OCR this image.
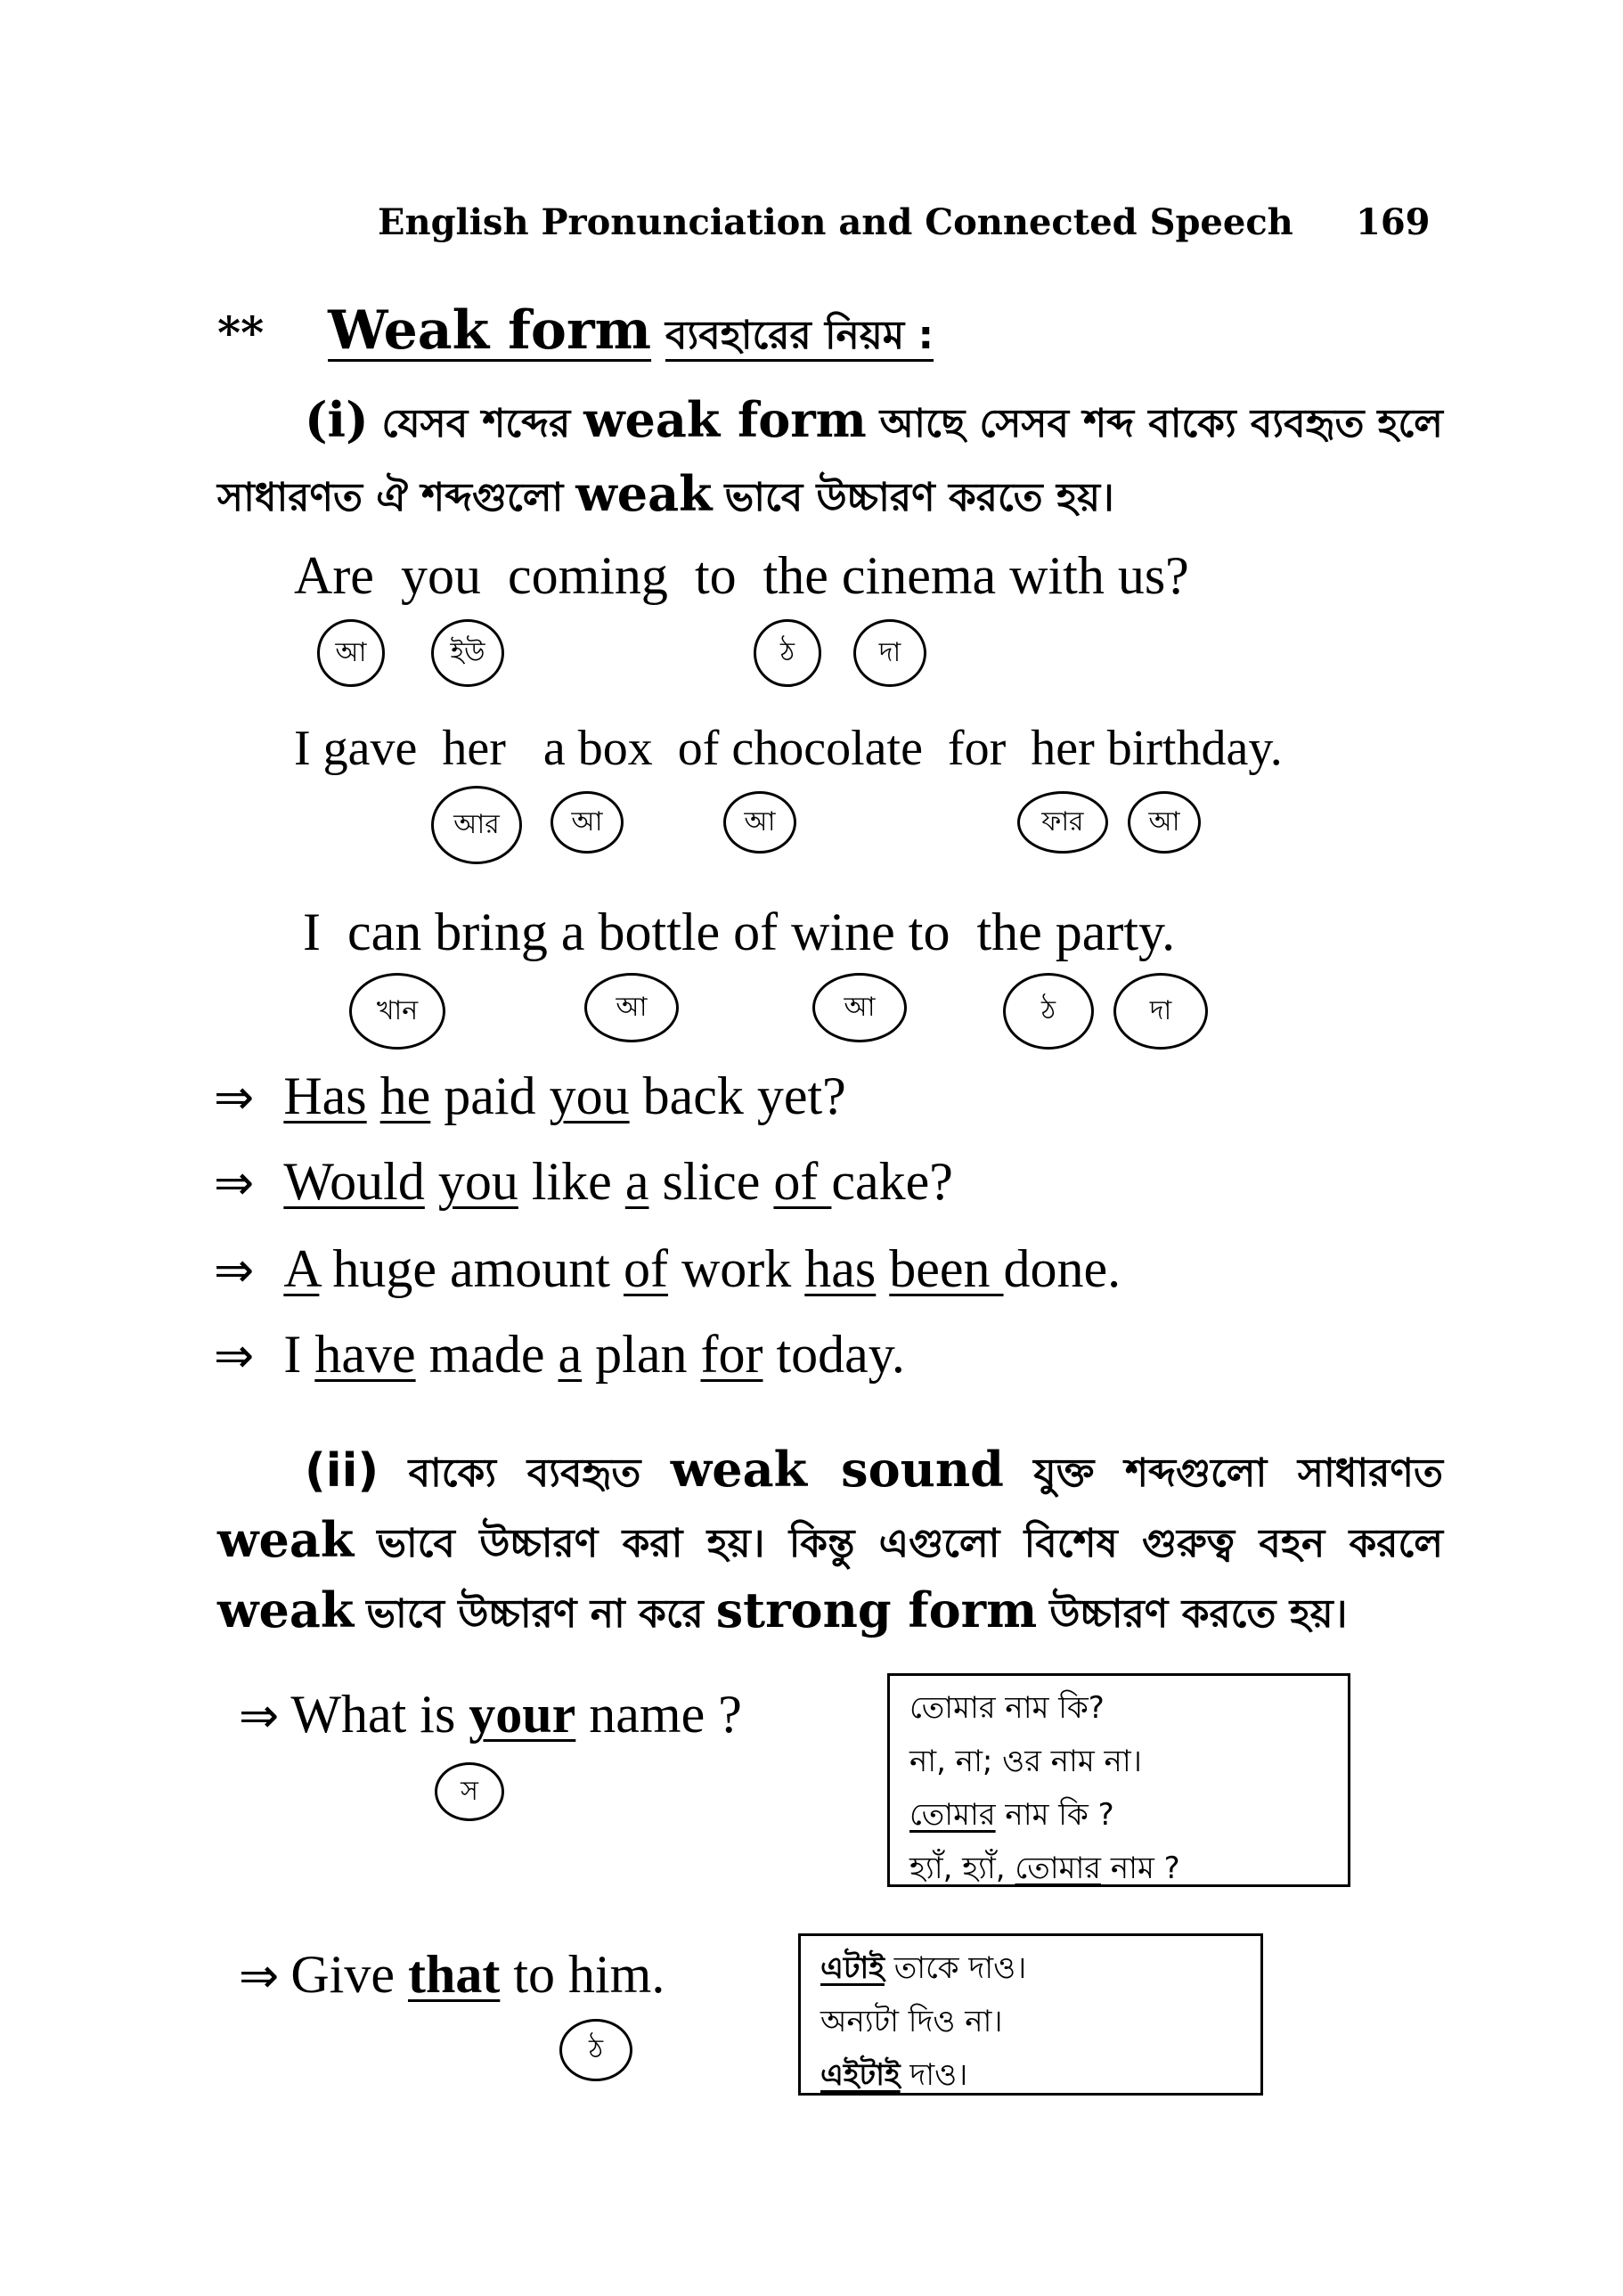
English Pronunciation and Connected Speech 169
** Weak form ব্যবহারের নিয়ম :
(i) যেসব শব্দের weak form আছে সেসব শব্দ বাক্যে ব্যবহৃত হলে সাধারণত ঐ শব্দগুলো weak ভাবে উচ্চারণ করতে হয়।
Are you coming to the cinema with us?
আ	ইউ	ঠ	দা
I gave her a box of chocolate for her birthday.
আর	আ	আ	ফার	আ
I can bring a bottle of wine to the party.
খান	আ	আ	ঠ	দা
⇒ Has he paid you back yet?
⇒ Would you like a slice of cake?
⇒ A huge amount of work has been done.
⇒ I have made a plan for today.
(ii) বাক্যে ব্যবহৃত weak sound যুক্ত শব্দগুলো সাধারণত weak ভাবে উচ্চারণ করা হয়। কিন্তু এগুলো বিশেষ গুরুত্ব বহন করলে weak ভাবে উচ্চারণ না করে strong form উচ্চারণ করতে হয়।
⇒ What is your name ?
স
তোমার নাম কি?
না, না; ওর নাম না।
তোমার নাম কি ?
হ্যাঁ, হ্যাঁ, তোমার নাম ?
⇒ Give that to him.
ঠ
এটাই তাকে দাও।
অন্যটা দিও না।
এইটাই দাও।
